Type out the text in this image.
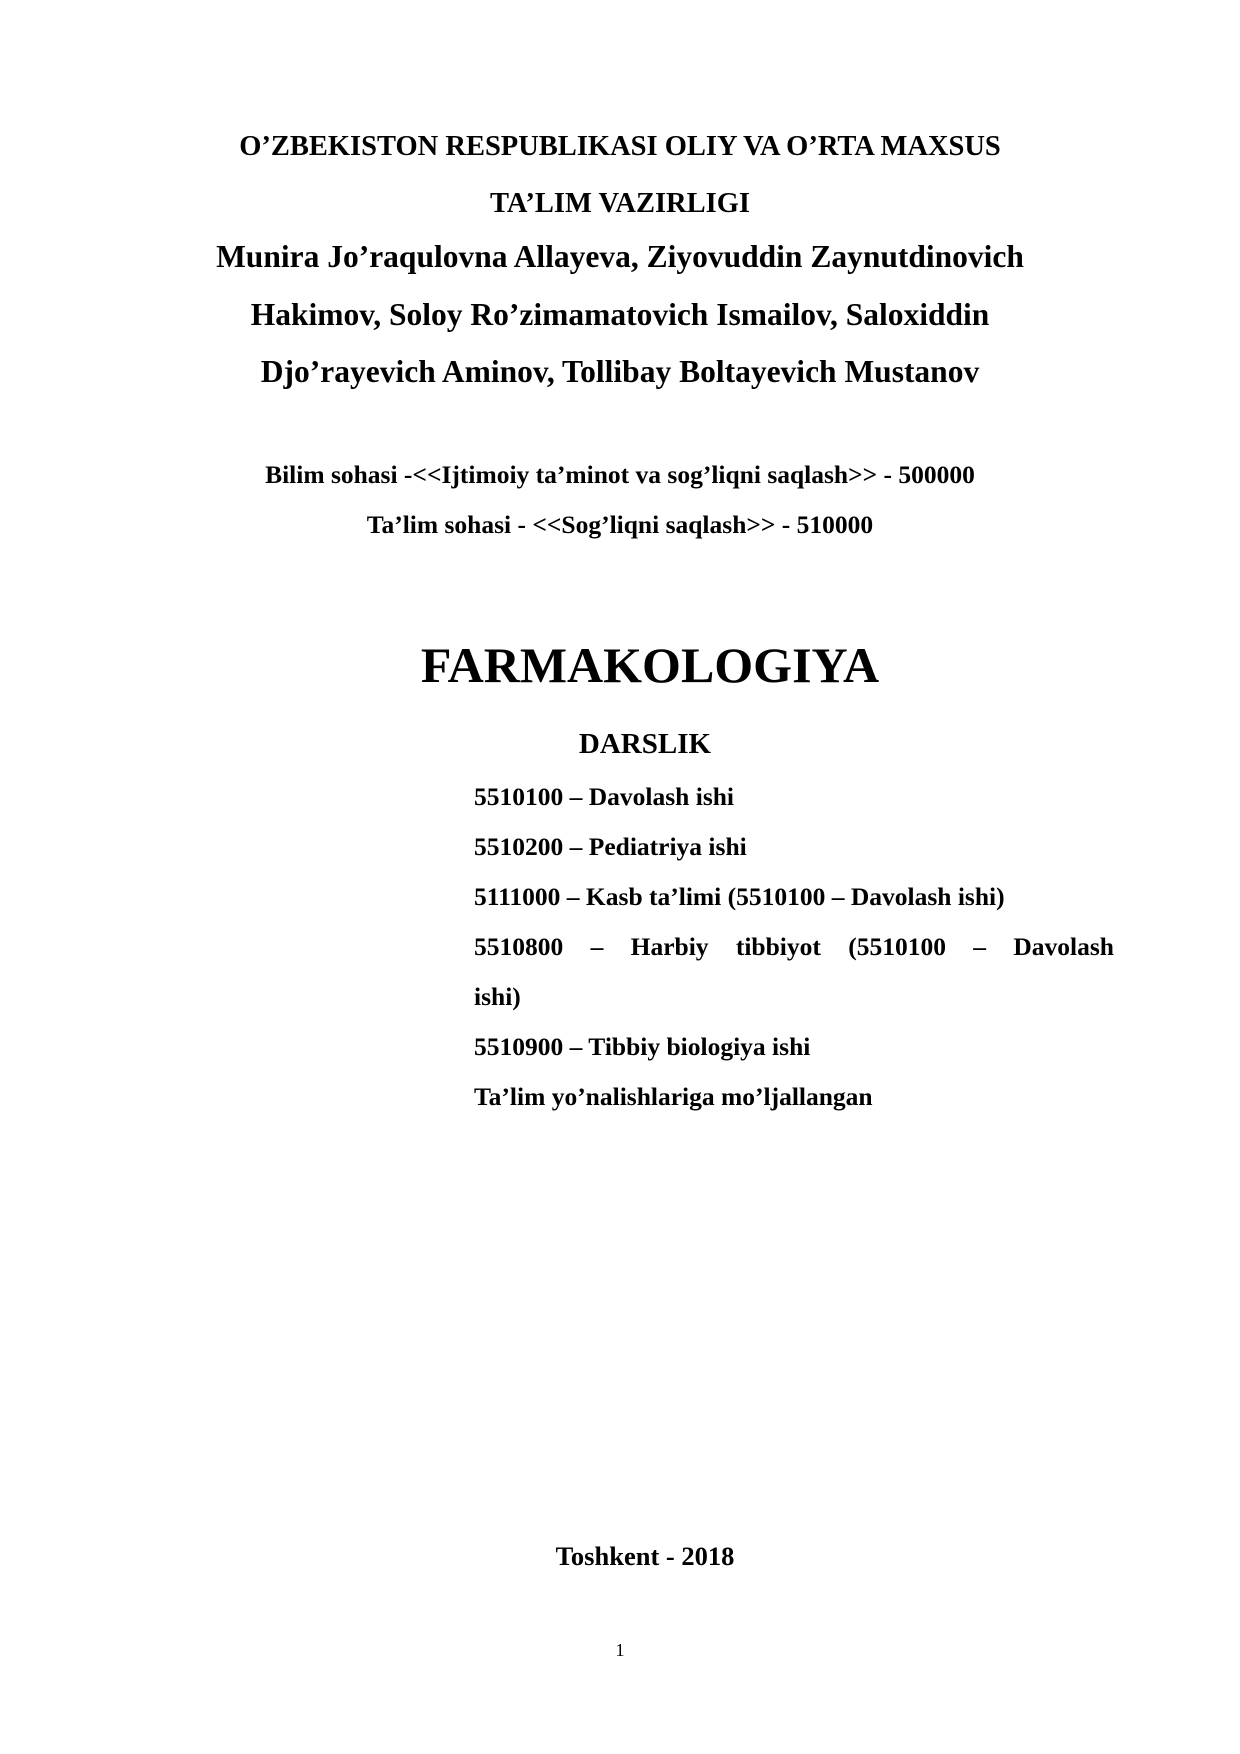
O’ZBEKISTON RESPUBLIKASI OLIY VA O’RTA MAXSUS
TA’LIM VAZIRLIGI
Munira Jo’raqulovna Allayeva, Ziyovuddin Zaynutdinovich
Hakimov, Soloy Ro’zimamatovich Ismailov, Saloxiddin
Djo’rayevich Aminov, Tollibay Boltayevich Mustanov
Bilim sohasi -<<Ijtimoiy ta’minot va sog’liqni saqlash>> - 500000
Ta’lim sohasi - <<Sog’liqni saqlash>> - 510000
FARMAKOLOGIYA
DARSLIK
5510100 – Davolash ishi
5510200 – Pediatriya ishi
5111000 – Kasb ta’limi (5510100 – Davolash ishi)
5510800 – Harbiy tibbiyot (5510100 – Davolash
ishi)
5510900 – Tibbiy biologiya ishi
Ta’lim yo’nalishlariga mo’ljallangan
Toshkent - 2018
1
